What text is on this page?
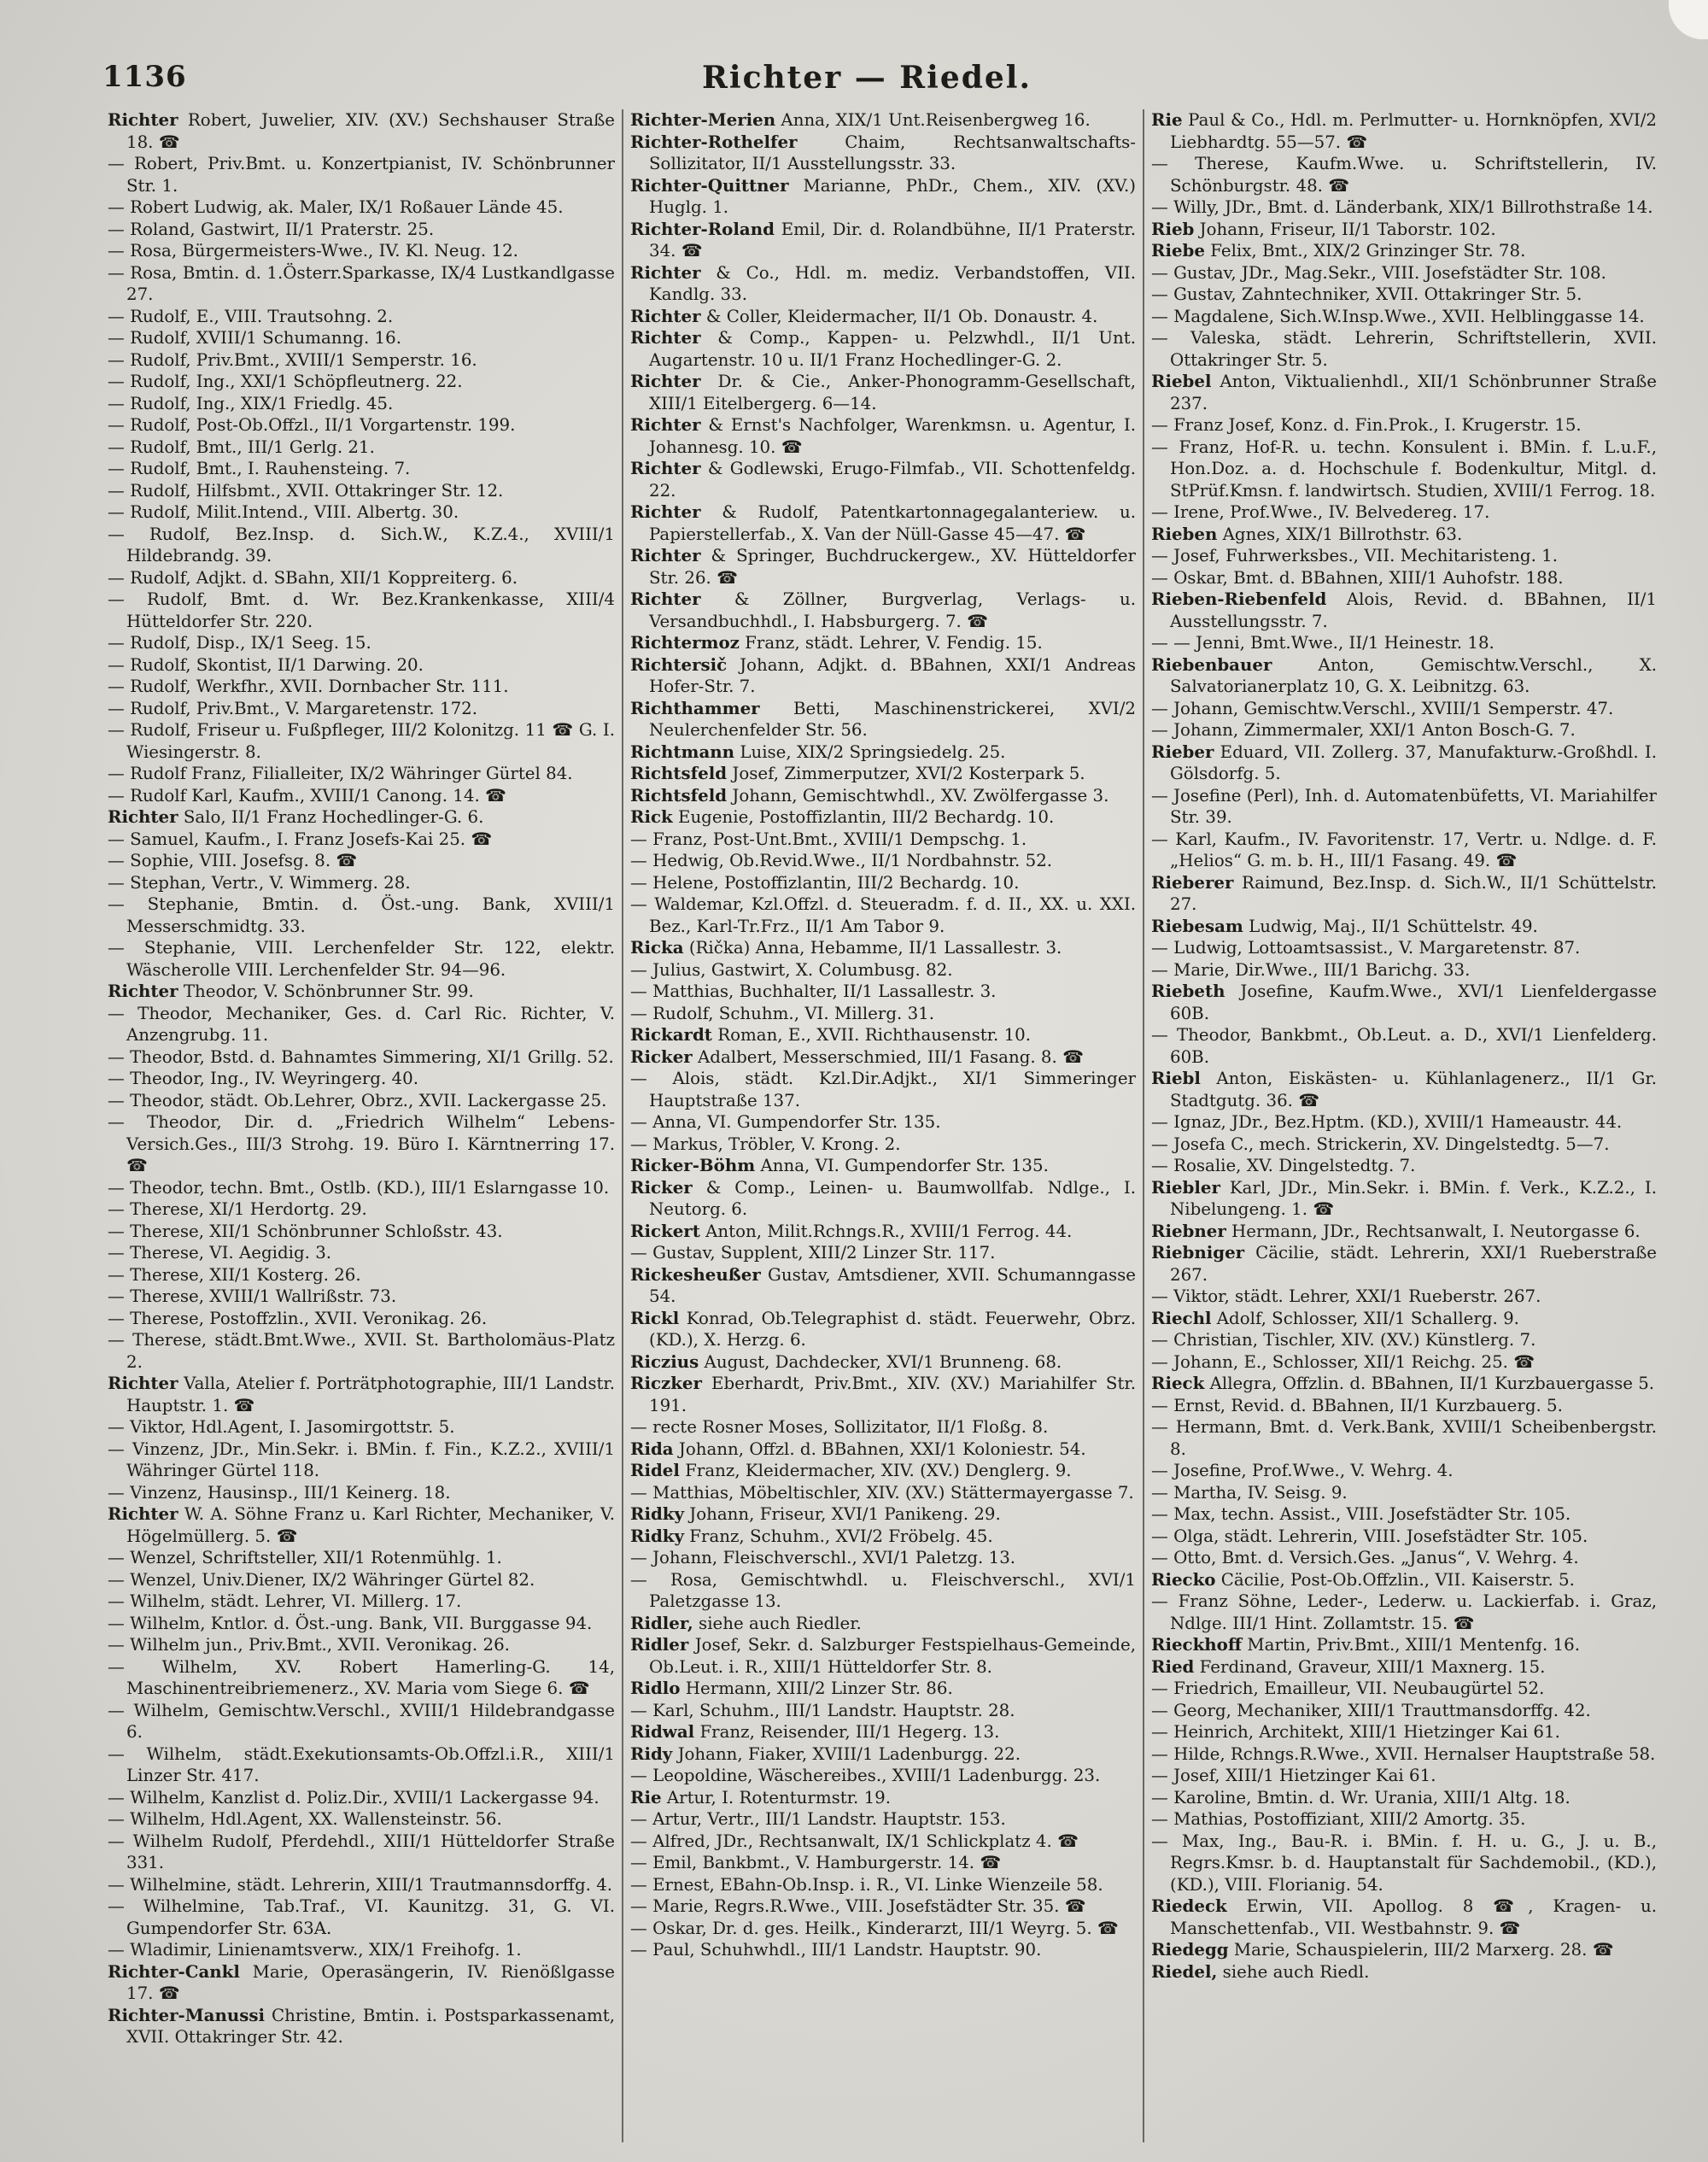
1136	Richter — Riedel.
Richter Robert, Juwelier, XIV. (XV.) Sechshauser Straße 18. ☎
— Robert, Priv.Bmt. u. Konzertpianist, IV. Schönbrunner Str. 1.
— Robert Ludwig, ak. Maler, IX/1 Roßauer Lände 45.
— Roland, Gastwirt, II/1 Praterstr. 25.
— Rosa, Bürgermeisters-Wwe., IV. Kl. Neug. 12.
— Rosa, Bmtin. d. 1.Österr.Sparkasse, IX/4 Lustkandlgasse 27.
— Rudolf, E., VIII. Trautsohng. 2.
— Rudolf, XVIII/1 Schumanng. 16.
— Rudolf, Priv.Bmt., XVIII/1 Semperstr. 16.
— Rudolf, Ing., XXI/1 Schöpfleutnerg. 22.
— Rudolf, Ing., XIX/1 Friedlg. 45.
— Rudolf, Post-Ob.Offzl., II/1 Vorgartenstr. 199.
— Rudolf, Bmt., III/1 Gerlg. 21.
— Rudolf, Bmt., I. Rauhensteing. 7.
— Rudolf, Hilfsbmt., XVII. Ottakringer Str. 12.
— Rudolf, Milit.Intend., VIII. Albertg. 30.
— Rudolf, Bez.Insp. d. Sich.W., K.Z.4., XVIII/1 Hildebrandg. 39.
— Rudolf, Adjkt. d. SBahn, XII/1 Koppreiterg. 6.
— Rudolf, Bmt. d. Wr. Bez.Krankenkasse, XIII/4 Hütteldorfer Str. 220.
— Rudolf, Disp., IX/1 Seeg. 15.
— Rudolf, Skontist, II/1 Darwing. 20.
— Rudolf, Werkfhr., XVII. Dornbacher Str. 111.
— Rudolf, Priv.Bmt., V. Margaretenstr. 172.
— Rudolf, Friseur u. Fußpfleger, III/2 Kolonitzg. 11 ☎ G. I. Wiesingerstr. 8.
— Rudolf Franz, Filialleiter, IX/2 Währinger Gürtel 84.
— Rudolf Karl, Kaufm., XVIII/1 Canong. 14. ☎
Richter Salo, II/1 Franz Hochedlinger-G. 6.
— Samuel, Kaufm., I. Franz Josefs-Kai 25. ☎
— Sophie, VIII. Josefsg. 8. ☎
— Stephan, Vertr., V. Wimmerg. 28.
— Stephanie, Bmtin. d. Öst.-ung. Bank, XVIII/1 Messerschmidtg. 33.
— Stephanie, VIII. Lerchenfelder Str. 122, elektr. Wäscherolle VIII. Lerchenfelder Str. 94—96.
Richter Theodor, V. Schönbrunner Str. 99.
— Theodor, Mechaniker, Ges. d. Carl Ric. Richter, V. Anzengrubg. 11.
— Theodor, Bstd. d. Bahnamtes Simmering, XI/1 Grillg. 52.
— Theodor, Ing., IV. Weyringerg. 40.
— Theodor, städt. Ob.Lehrer, Obrz., XVII. Lackergasse 25.
— Theodor, Dir. d. „Friedrich Wilhelm“ Lebens-Versich.Ges., III/3 Strohg. 19. Büro I. Kärntnerring 17. ☎
— Theodor, techn. Bmt., Ostlb. (KD.), III/1 Eslarngasse 10.
— Therese, XI/1 Herdortg. 29.
— Therese, XII/1 Schönbrunner Schloßstr. 43.
— Therese, VI. Aegidig. 3.
— Therese, XII/1 Kosterg. 26.
— Therese, XVIII/1 Wallrißstr. 73.
— Therese, Postoffzlin., XVII. Veronikag. 26.
— Therese, städt.Bmt.Wwe., XVII. St. Bartholomäus-Platz 2.
Richter Valla, Atelier f. Porträtphotographie, III/1 Landstr. Hauptstr. 1. ☎
— Viktor, Hdl.Agent, I. Jasomirgottstr. 5.
— Vinzenz, JDr., Min.Sekr. i. BMin. f. Fin., K.Z.2., XVIII/1 Währinger Gürtel 118.
— Vinzenz, Hausinsp., III/1 Keinerg. 18.
Richter W. A. Söhne Franz u. Karl Richter, Mechaniker, V. Högelmüllerg. 5. ☎
— Wenzel, Schriftsteller, XII/1 Rotenmühlg. 1.
— Wenzel, Univ.Diener, IX/2 Währinger Gürtel 82.
— Wilhelm, städt. Lehrer, VI. Millerg. 17.
— Wilhelm, Kntlor. d. Öst.-ung. Bank, VII. Burggasse 94.
— Wilhelm jun., Priv.Bmt., XVII. Veronikag. 26.
— Wilhelm, XV. Robert Hamerling-G. 14, Maschinentreibriemenerz., XV. Maria vom Siege 6. ☎
— Wilhelm, Gemischtw.Verschl., XVIII/1 Hildebrandgasse 6.
— Wilhelm, städt.Exekutionsamts-Ob.Offzl.i.R., XIII/1 Linzer Str. 417.
— Wilhelm, Kanzlist d. Poliz.Dir., XVIII/1 Lackergasse 94.
— Wilhelm, Hdl.Agent, XX. Wallensteinstr. 56.
— Wilhelm Rudolf, Pferdehdl., XIII/1 Hütteldorfer Straße 331.
— Wilhelmine, städt. Lehrerin, XIII/1 Trautmannsdorffg. 4.
— Wilhelmine, Tab.Traf., VI. Kaunitzg. 31, G. VI. Gumpendorfer Str. 63A.
— Wladimir, Linienamtsverw., XIX/1 Freihofg. 1.
Richter-Cankl Marie, Operasängerin, IV. Rienößlgasse 17. ☎
Richter-Manussi Christine, Bmtin. i. Postsparkassenamt, XVII. Ottakringer Str. 42.
Richter-Merien Anna, XIX/1 Unt.Reisenbergweg 16.
Richter-Rothelfer Chaim, Rechtsanwaltschafts-Sollizitator, II/1 Ausstellungsstr. 33.
Richter-Quittner Marianne, PhDr., Chem., XIV. (XV.) Huglg. 1.
Richter-Roland Emil, Dir. d. Rolandbühne, II/1 Praterstr. 34. ☎
Richter & Co., Hdl. m. mediz. Verbandstoffen, VII. Kandlg. 33.
Richter & Coller, Kleidermacher, II/1 Ob. Donaustr. 4.
Richter & Comp., Kappen- u. Pelzwhdl., II/1 Unt. Augartenstr. 10 u. II/1 Franz Hochedlinger-G. 2.
Richter Dr. & Cie., Anker-Phonogramm-Gesellschaft, XIII/1 Eitelbergerg. 6—14.
Richter & Ernst's Nachfolger, Warenkmsn. u. Agentur, I. Johannesg. 10. ☎
Richter & Godlewski, Erugo-Filmfab., VII. Schottenfeldg. 22.
Richter & Rudolf, Patentkartonnagegalanteriew. u. Papierstellerfab., X. Van der Nüll-Gasse 45—47. ☎
Richter & Springer, Buchdruckergew., XV. Hütteldorfer Str. 26. ☎
Richter & Zöllner, Burgverlag, Verlags- u. Versandbuchhdl., I. Habsburgerg. 7. ☎
Richtermoz Franz, städt. Lehrer, V. Fendig. 15.
Richtersič Johann, Adjkt. d. BBahnen, XXI/1 Andreas Hofer-Str. 7.
Richthammer Betti, Maschinenstrickerei, XVI/2 Neulerchenfelder Str. 56.
Richtmann Luise, XIX/2 Springsiedelg. 25.
Richtsfeld Josef, Zimmerputzer, XVI/2 Kosterpark 5.
Richtsfeld Johann, Gemischtwhdl., XV. Zwölfergasse 3.
Rick Eugenie, Postoffizlantin, III/2 Bechardg. 10.
— Franz, Post-Unt.Bmt., XVIII/1 Dempschg. 1.
— Hedwig, Ob.Revid.Wwe., II/1 Nordbahnstr. 52.
— Helene, Postoffizlantin, III/2 Bechardg. 10.
— Waldemar, Kzl.Offzl. d. Steueradm. f. d. II., XX. u. XXI. Bez., Karl-Tr.Frz., II/1 Am Tabor 9.
Ricka (Rička) Anna, Hebamme, II/1 Lassallestr. 3.
— Julius, Gastwirt, X. Columbusg. 82.
— Matthias, Buchhalter, II/1 Lassallestr. 3.
— Rudolf, Schuhm., VI. Millerg. 31.
Rickardt Roman, E., XVII. Richthausenstr. 10.
Ricker Adalbert, Messerschmied, III/1 Fasang. 8. ☎
— Alois, städt. Kzl.Dir.Adjkt., XI/1 Simmeringer Hauptstraße 137.
— Anna, VI. Gumpendorfer Str. 135.
— Markus, Tröbler, V. Krong. 2.
Ricker-Böhm Anna, VI. Gumpendorfer Str. 135.
Ricker & Comp., Leinen- u. Baumwollfab. Ndlge., I. Neutorg. 6.
Rickert Anton, Milit.Rchngs.R., XVIII/1 Ferrog. 44.
— Gustav, Supplent, XIII/2 Linzer Str. 117.
Rickesheußer Gustav, Amtsdiener, XVII. Schumanngasse 54.
Rickl Konrad, Ob.Telegraphist d. städt. Feuerwehr, Obrz. (KD.), X. Herzg. 6.
Riczius August, Dachdecker, XVI/1 Brunneng. 68.
Riczker Eberhardt, Priv.Bmt., XIV. (XV.) Mariahilfer Str. 191.
— recte Rosner Moses, Sollizitator, II/1 Floßg. 8.
Rida Johann, Offzl. d. BBahnen, XXI/1 Koloniestr. 54.
Ridel Franz, Kleidermacher, XIV. (XV.) Denglerg. 9.
— Matthias, Möbeltischler, XIV. (XV.) Stättermayergasse 7.
Ridky Johann, Friseur, XVI/1 Panikeng. 29.
Ridky Franz, Schuhm., XVI/2 Fröbelg. 45.
— Johann, Fleischverschl., XVI/1 Paletzg. 13.
— Rosa, Gemischtwhdl. u. Fleischverschl., XVI/1 Paletzgasse 13.
Ridler, siehe auch Riedler.
Ridler Josef, Sekr. d. Salzburger Festspielhaus-Gemeinde, Ob.Leut. i. R., XIII/1 Hütteldorfer Str. 8.
Ridlo Hermann, XIII/2 Linzer Str. 86.
— Karl, Schuhm., III/1 Landstr. Hauptstr. 28.
Ridwal Franz, Reisender, III/1 Hegerg. 13.
Ridy Johann, Fiaker, XVIII/1 Ladenburgg. 22.
— Leopoldine, Wäschereibes., XVIII/1 Ladenburgg. 23.
Rie Artur, I. Rotenturmstr. 19.
— Artur, Vertr., III/1 Landstr. Hauptstr. 153.
— Alfred, JDr., Rechtsanwalt, IX/1 Schlickplatz 4. ☎
— Emil, Bankbmt., V. Hamburgerstr. 14. ☎
— Ernest, EBahn-Ob.Insp. i. R., VI. Linke Wienzeile 58.
— Marie, Regrs.R.Wwe., VIII. Josefstädter Str. 35. ☎
— Oskar, Dr. d. ges. Heilk., Kinderarzt, III/1 Weyrg. 5. ☎
— Paul, Schuhwhdl., III/1 Landstr. Hauptstr. 90.
Rie Paul & Co., Hdl. m. Perlmutter- u. Hornknöpfen, XVI/2 Liebhardtg. 55—57. ☎
— Therese, Kaufm.Wwe. u. Schriftstellerin, IV. Schönburgstr. 48. ☎
— Willy, JDr., Bmt. d. Länderbank, XIX/1 Billrothstraße 14.
Rieb Johann, Friseur, II/1 Taborstr. 102.
Riebe Felix, Bmt., XIX/2 Grinzinger Str. 78.
— Gustav, JDr., Mag.Sekr., VIII. Josefstädter Str. 108.
— Gustav, Zahntechniker, XVII. Ottakringer Str. 5.
— Magdalene, Sich.W.Insp.Wwe., XVII. Helblinggasse 14.
— Valeska, städt. Lehrerin, Schriftstellerin, XVII. Ottakringer Str. 5.
Riebel Anton, Viktualienhdl., XII/1 Schönbrunner Straße 237.
— Franz Josef, Konz. d. Fin.Prok., I. Krugerstr. 15.
— Franz, Hof-R. u. techn. Konsulent i. BMin. f. L.u.F., Hon.Doz. a. d. Hochschule f. Bodenkultur, Mitgl. d. StPrüf.Kmsn. f. landwirtsch. Studien, XVIII/1 Ferrog. 18.
— Irene, Prof.Wwe., IV. Belvedereg. 17.
Rieben Agnes, XIX/1 Billrothstr. 63.
— Josef, Fuhrwerksbes., VII. Mechitaristeng. 1.
— Oskar, Bmt. d. BBahnen, XIII/1 Auhofstr. 188.
Rieben-Riebenfeld Alois, Revid. d. BBahnen, II/1 Ausstellungsstr. 7.
— — Jenni, Bmt.Wwe., II/1 Heinestr. 18.
Riebenbauer Anton, Gemischtw.Verschl., X. Salvatorianerplatz 10, G. X. Leibnitzg. 63.
— Johann, Gemischtw.Verschl., XVIII/1 Semperstr. 47.
— Johann, Zimmermaler, XXI/1 Anton Bosch-G. 7.
Rieber Eduard, VII. Zollerg. 37, Manufakturw.-Großhdl. I. Gölsdorfg. 5.
— Josefine (Perl), Inh. d. Automatenbüfetts, VI. Mariahilfer Str. 39.
— Karl, Kaufm., IV. Favoritenstr. 17, Vertr. u. Ndlge. d. F. „Helios“ G. m. b. H., III/1 Fasang. 49. ☎
Rieberer Raimund, Bez.Insp. d. Sich.W., II/1 Schüttelstr. 27.
Riebesam Ludwig, Maj., II/1 Schüttelstr. 49.
— Ludwig, Lottoamtsassist., V. Margaretenstr. 87.
— Marie, Dir.Wwe., III/1 Barichg. 33.
Riebeth Josefine, Kaufm.Wwe., XVI/1 Lienfeldergasse 60B.
— Theodor, Bankbmt., Ob.Leut. a. D., XVI/1 Lienfelderg. 60B.
Riebl Anton, Eiskästen- u. Kühlanlagenerz., II/1 Gr. Stadtgutg. 36. ☎
— Ignaz, JDr., Bez.Hptm. (KD.), XVIII/1 Hameaustr. 44.
— Josefa C., mech. Strickerin, XV. Dingelstedtg. 5—7.
— Rosalie, XV. Dingelstedtg. 7.
Riebler Karl, JDr., Min.Sekr. i. BMin. f. Verk., K.Z.2., I. Nibelungeng. 1. ☎
Riebner Hermann, JDr., Rechtsanwalt, I. Neutorgasse 6.
Riebniger Cäcilie, städt. Lehrerin, XXI/1 Rueberstraße 267.
— Viktor, städt. Lehrer, XXI/1 Rueberstr. 267.
Riechl Adolf, Schlosser, XII/1 Schallerg. 9.
— Christian, Tischler, XIV. (XV.) Künstlerg. 7.
— Johann, E., Schlosser, XII/1 Reichg. 25. ☎
Rieck Allegra, Offzlin. d. BBahnen, II/1 Kurzbauergasse 5.
— Ernst, Revid. d. BBahnen, II/1 Kurzbauerg. 5.
— Hermann, Bmt. d. Verk.Bank, XVIII/1 Scheibenbergstr. 8.
— Josefine, Prof.Wwe., V. Wehrg. 4.
— Martha, IV. Seisg. 9.
— Max, techn. Assist., VIII. Josefstädter Str. 105.
— Olga, städt. Lehrerin, VIII. Josefstädter Str. 105.
— Otto, Bmt. d. Versich.Ges. „Janus“, V. Wehrg. 4.
Riecko Cäcilie, Post-Ob.Offzlin., VII. Kaiserstr. 5.
— Franz Söhne, Leder-, Lederw. u. Lackierfab. i. Graz, Ndlge. III/1 Hint. Zollamtstr. 15. ☎
Rieckhoff Martin, Priv.Bmt., XIII/1 Mentenfg. 16.
Ried Ferdinand, Graveur, XIII/1 Maxnerg. 15.
— Friedrich, Emailleur, VII. Neubaugürtel 52.
— Georg, Mechaniker, XIII/1 Trauttmansdorffg. 42.
— Heinrich, Architekt, XIII/1 Hietzinger Kai 61.
— Hilde, Rchngs.R.Wwe., XVII. Hernalser Hauptstraße 58.
— Josef, XIII/1 Hietzinger Kai 61.
— Karoline, Bmtin. d. Wr. Urania, XIII/1 Altg. 18.
— Mathias, Postoffiziant, XIII/2 Amortg. 35.
— Max, Ing., Bau-R. i. BMin. f. H. u. G., J. u. B., Regrs.Kmsr. b. d. Hauptanstalt für Sachdemobil., (KD.), (KD.), VIII. Florianig. 54.
Riedeck Erwin, VII. Apollog. 8 ☎, Kragen- u. Manschettenfab., VII. Westbahnstr. 9. ☎
Riedegg Marie, Schauspielerin, III/2 Marxerg. 28. ☎
Riedel, siehe auch Riedl.
